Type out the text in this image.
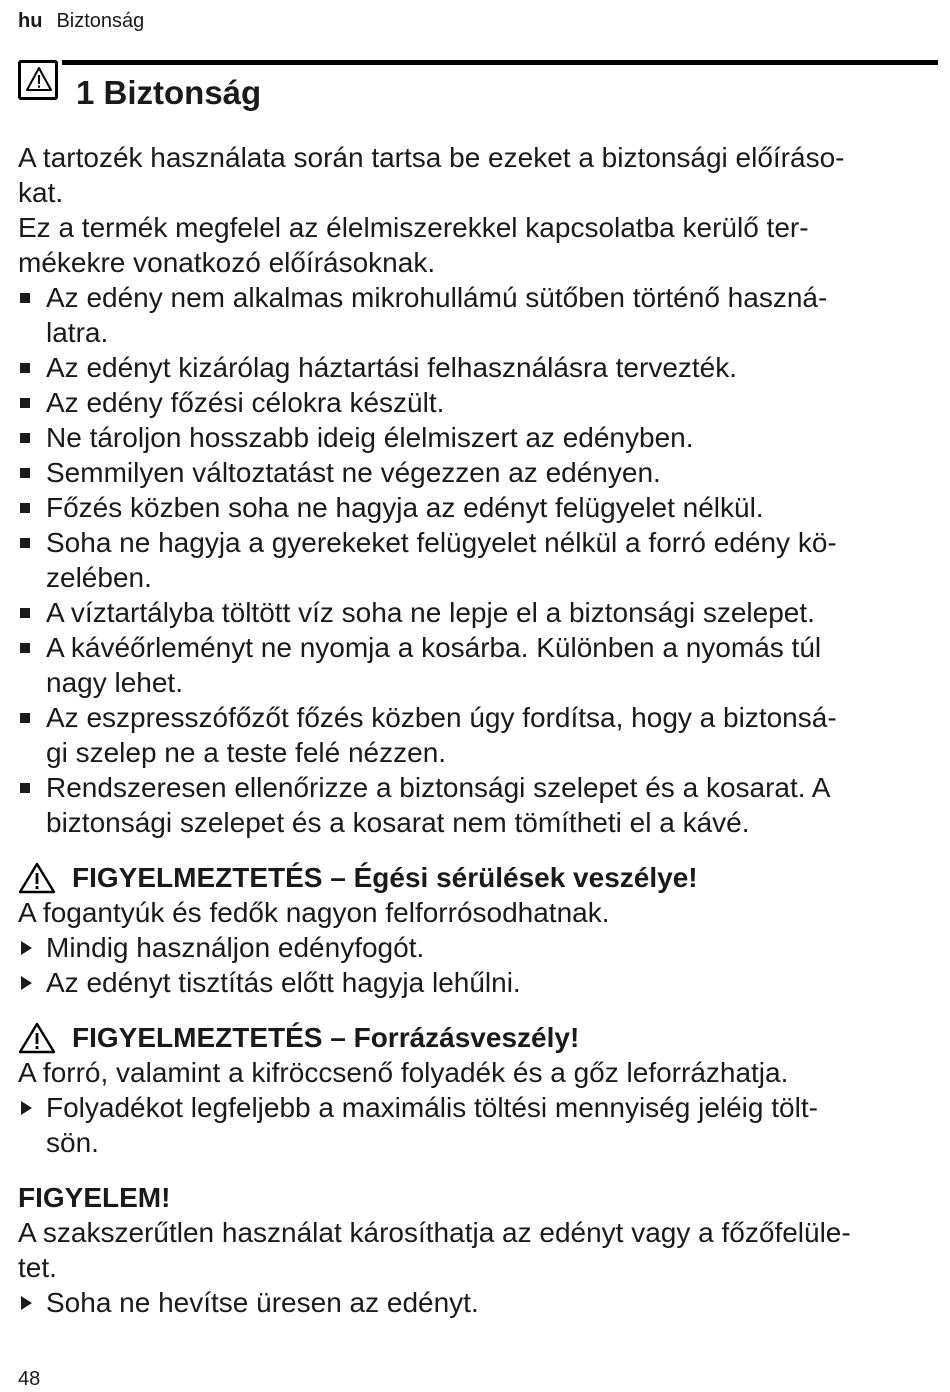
hu Biztonság
1 Biztonság

A tartozék használata során tartsa be ezeket a biztonsági előíráso-
kat.

Ez a termék megfelel az élelmiszerekkel kapcsolatba kerülő ter-
mékekre vonatkozó előírásoknak.

Az edény nem alkalmas mikrohullámú sütőben történő haszná-
latra.
Az edényt kizárólag háztartási felhasználásra tervezték.
Az edény főzési célokra készült.
Ne tároljon hosszabb ideig élelmiszert az edényben.
Semmilyen változtatást ne végezzen az edényen.
Főzés közben soha ne hagyja az edényt felügyelet nélkül.
Soha ne hagyja a gyerekeket felügyelet nélkül a forró edény kö-
zelében.
A víztartályba töltött víz soha ne lepje el a biztonsági szelepet.
A kávéőrleményt ne nyomja a kosárba. Különben a nyomás túl
nagy lehet.
Az eszpresszófőzőt főzés közben úgy fordítsa, hogy a biztonsá-
gi szelep ne a teste felé nézzen.
Rendszeresen ellenőrizze a biztonsági szelepet és a kosarat. A
biztonsági szelepet és a kosarat nem tömítheti el a kávé.
FIGYELMEZTETÉS – Égési sérülések veszélye!

A fogantyúk és fedők nagyon felforrósodhatnak.

Mindig használjon edényfogót.
Az edényt tisztítás előtt hagyja lehűlni.
FIGYELMEZTETÉS – Forrázásveszély!

A forró, valamint a kifröccsenő folyadék és a gőz leforrázhatja.

Folyadékot legfeljebb a maximális töltési mennyiség jeléig tölt-
sön.
FIGYELEM!

A szakszerűtlen használat károsíthatja az edényt vagy a főzőfelüle-
tet.

Soha ne hevítse üresen az edényt.
48
